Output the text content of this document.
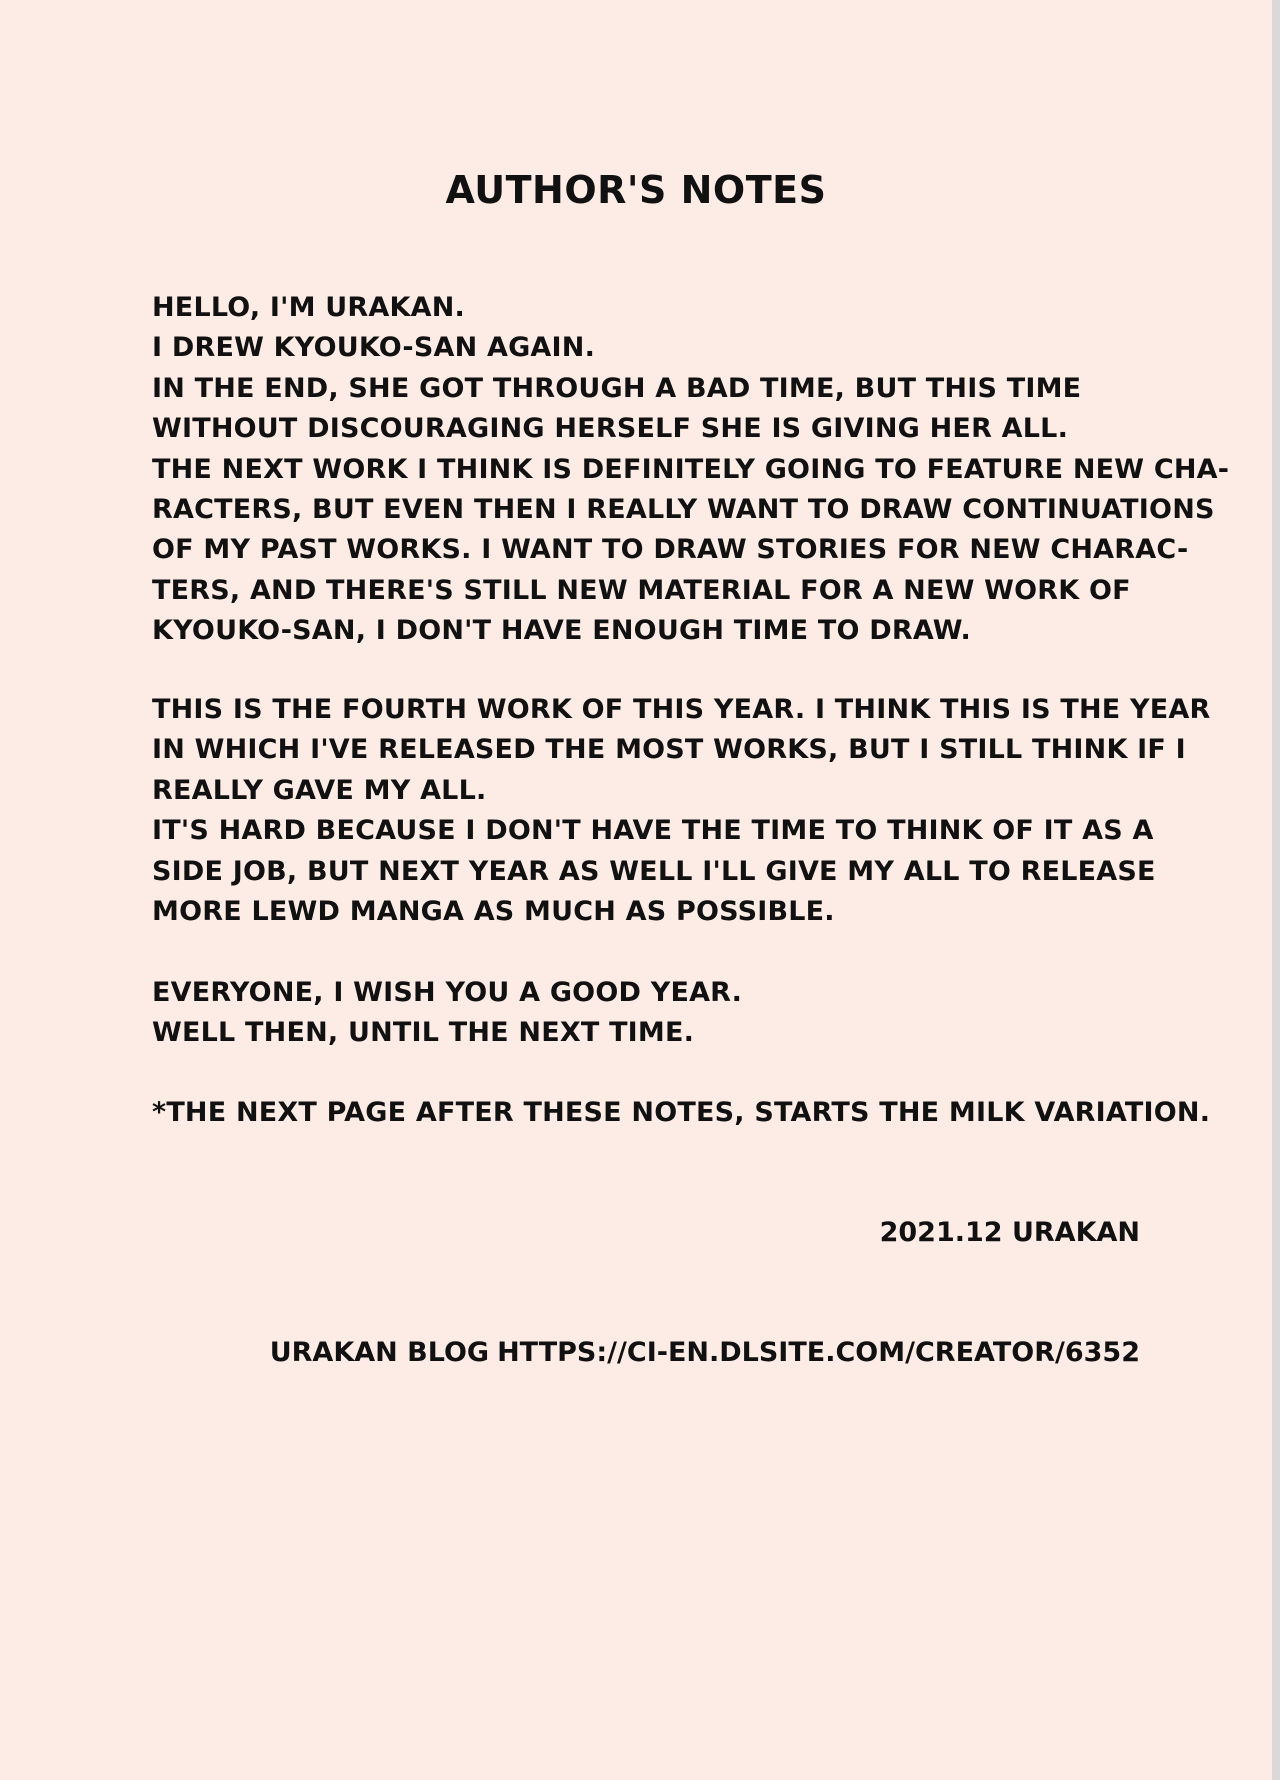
AUTHOR'S NOTES
HELLO, I'M URAKAN.
I DREW KYOUKO-SAN AGAIN.
IN THE END, SHE GOT THROUGH A BAD TIME, BUT THIS TIME
WITHOUT DISCOURAGING HERSELF SHE IS GIVING HER ALL.
THE NEXT WORK I THINK IS DEFINITELY GOING TO FEATURE NEW CHA-
RACTERS, BUT EVEN THEN I REALLY WANT TO DRAW CONTINUATIONS
OF MY PAST WORKS. I WANT TO DRAW STORIES FOR NEW CHARAC-
TERS, AND THERE'S STILL NEW MATERIAL FOR A NEW WORK OF
KYOUKO-SAN, I DON'T HAVE ENOUGH TIME TO DRAW.
THIS IS THE FOURTH WORK OF THIS YEAR. I THINK THIS IS THE YEAR
IN WHICH I'VE RELEASED THE MOST WORKS, BUT I STILL THINK IF I
REALLY GAVE MY ALL.
IT'S HARD BECAUSE I DON'T HAVE THE TIME TO THINK OF IT AS A
SIDE JOB, BUT NEXT YEAR AS WELL I'LL GIVE MY ALL TO RELEASE
MORE LEWD MANGA AS MUCH AS POSSIBLE.
EVERYONE, I WISH YOU A GOOD YEAR.
WELL THEN, UNTIL THE NEXT TIME.
*THE NEXT PAGE AFTER THESE NOTES, STARTS THE MILK VARIATION.
2021.12 URAKAN
URAKAN BLOG HTTPS://CI-EN.DLSITE.COM/CREATOR/6352
